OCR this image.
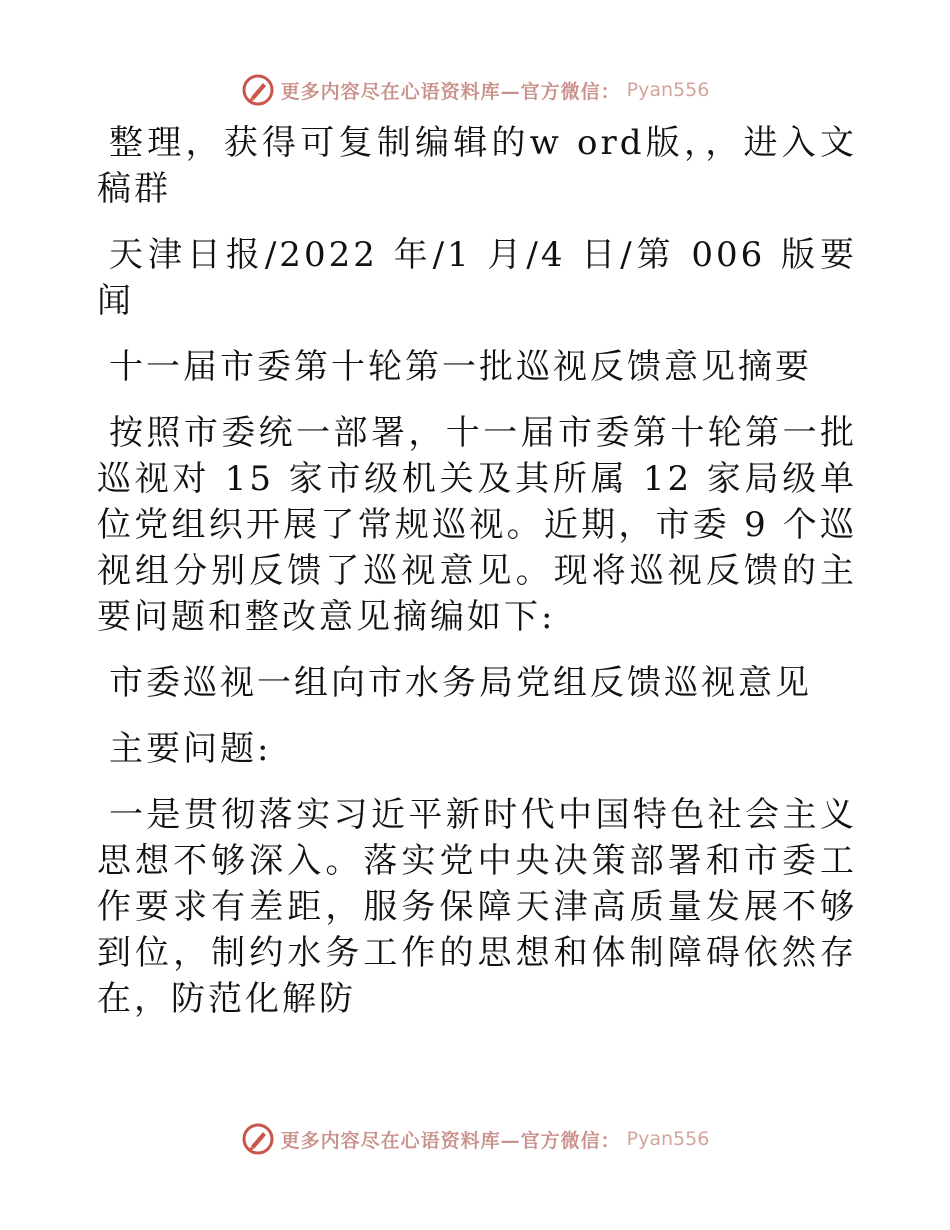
更多内容尽在心语资料库—官方微信： Pyan556

整理，获得可复制编辑的w ord版，，进入文稿群

天津日报/2022 年/1 月/4 日/第 006 版要闻

十一届市委第十轮第一批巡视反馈意见摘要

按照市委统一部署，十一届市委第十轮第一批巡视对 15 家市级机关及其所属 12 家局级单位党组织开展了常规巡视。近期，市委 9 个巡视组分别反馈了巡视意见。现将巡视反馈的主要问题和整改意见摘编如下:

市委巡视一组向市水务局党组反馈巡视意见

主要问题:

一是贯彻落实习近平新时代中国特色社会主义思想不够深入。落实党中央决策部署和市委工作要求有差距，服务保障天津高质量发展不够到位，制约水务工作的思想和体制障碍依然存在，防范化解防

更多内容尽在心语资料库—官方微信： Pyan556
